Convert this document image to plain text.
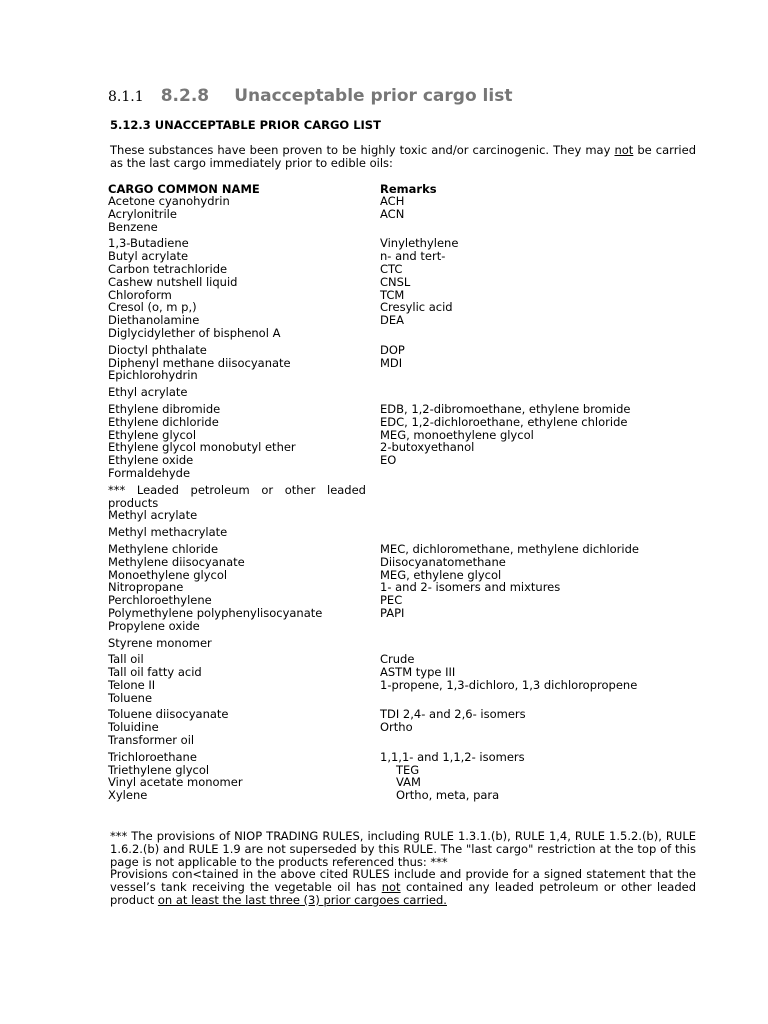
8.1.1 8.2.8 Unacceptable prior cargo list
5.12.3 UNACCEPTABLE PRIOR CARGO LIST
These substances have been proven to be highly toxic and/or carcinogenic. They may not be carried as the last cargo immediately prior to edible oils:
CARGO COMMON NAME	Remarks
Acetone cyanohydrin	ACH
Acrylonitrile	ACN
Benzene
1,3-Butadiene	Vinylethylene
Butyl acrylate	n- and tert-
Carbon tetrachloride	CTC
Cashew nutshell liquid	CNSL
Chloroform	TCM
Cresol (o, m p,)	Cresylic acid
Diethanolamine	DEA
Diglycidylether of bisphenol A
Dioctyl phthalate	DOP
Diphenyl methane diisocyanate	MDI
Epichlorohydrin
Ethyl acrylate
Ethylene dibromide	EDB, 1,2-dibromoethane, ethylene bromide
Ethylene dichloride	EDC, 1,2-dichloroethane, ethylene chloride
Ethylene glycol	MEG, monoethylene glycol
Ethylene glycol monobutyl ether	2-butoxyethanol
Ethylene oxide	EO
Formaldehyde
*** Leaded petroleum or other leaded products
Methyl acrylate
Methyl methacrylate
Methylene chloride	MEC, dichloromethane, methylene dichloride
Methylene diisocyanate	Diisocyanatomethane
Monoethylene glycol	MEG, ethylene glycol
Nitropropane	1- and 2- isomers and mixtures
Perchloroethylene	PEC
Polymethylene polyphenylisocyanate	PAPI
Propylene oxide
Styrene monomer
Tall oil	Crude
Tall oil fatty acid	ASTM type III
Telone II	1-propene, 1,3-dichloro, 1,3 dichloropropene
Toluene
Toluene diisocyanate	TDI 2,4- and 2,6- isomers
Toluidine	Ortho
Transformer oil
Trichloroethane	1,1,1- and 1,1,2- isomers
Triethylene glycol	TEG
Vinyl acetate monomer	VAM
Xylene	Ortho, meta, para

*** The provisions of NIOP TRADING RULES, including RULE 1.3.1.(b), RULE 1,4, RULE 1.5.2.(b), RULE 1.6.2.(b) and RULE 1.9 are not superseded by this RULE. The "last cargo" restriction at the top of this page is not applicable to the products referenced thus: ***

Provisions con<tained in the above cited RULES include and provide for a signed statement that the vessel’s tank receiving the vegetable oil has not contained any leaded petroleum or other leaded product on at least the last three (3) prior cargoes carried.
